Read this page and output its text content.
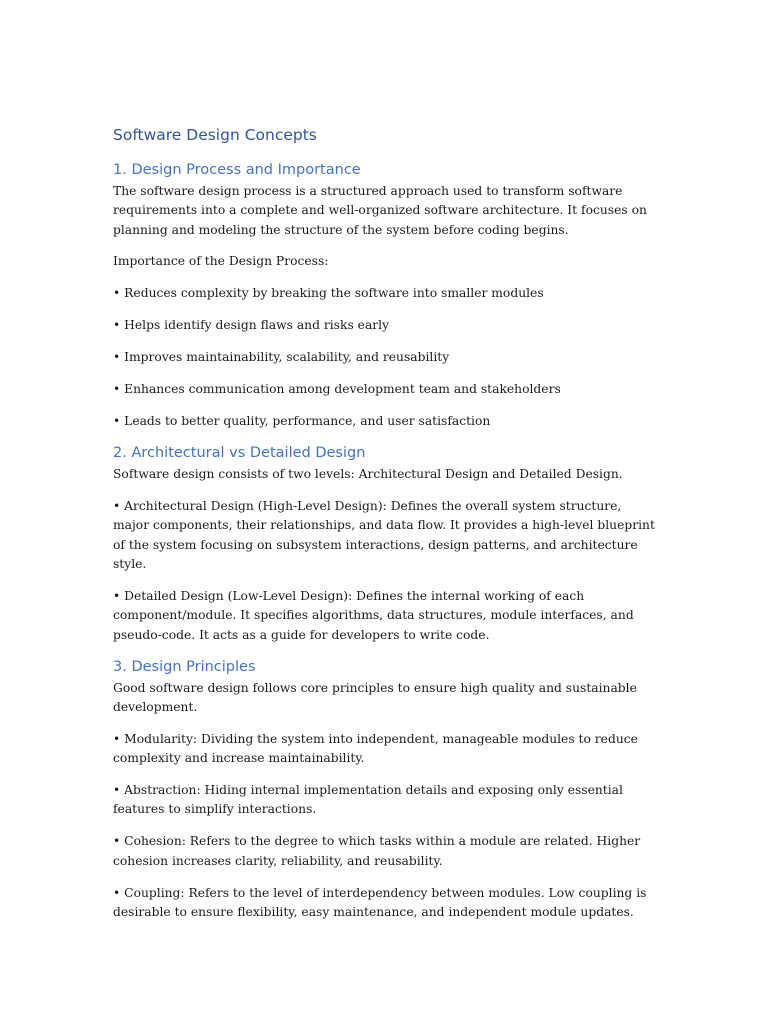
Software Design Concepts
1. Design Process and Importance

The software design process is a structured approach used to transform software requirements into a complete and well-organized software architecture. It focuses on planning and modeling the structure of the system before coding begins.

Importance of the Design Process:

• Reduces complexity by breaking the software into smaller modules

• Helps identify design flaws and risks early

• Improves maintainability, scalability, and reusability

• Enhances communication among development team and stakeholders

• Leads to better quality, performance, and user satisfaction

2. Architectural vs Detailed Design

Software design consists of two levels: Architectural Design and Detailed Design.

• Architectural Design (High-Level Design): Defines the overall system structure, major components, their relationships, and data flow. It provides a high-level blueprint of the system focusing on subsystem interactions, design patterns, and architecture style.

• Detailed Design (Low-Level Design): Defines the internal working of each component/module. It specifies algorithms, data structures, module interfaces, and pseudo-code. It acts as a guide for developers to write code.

3. Design Principles

Good software design follows core principles to ensure high quality and sustainable development.

• Modularity: Dividing the system into independent, manageable modules to reduce complexity and increase maintainability.

• Abstraction: Hiding internal implementation details and exposing only essential features to simplify interactions.

• Cohesion: Refers to the degree to which tasks within a module are related. Higher cohesion increases clarity, reliability, and reusability.

• Coupling: Refers to the level of interdependency between modules. Low coupling is desirable to ensure flexibility, easy maintenance, and independent module updates.
